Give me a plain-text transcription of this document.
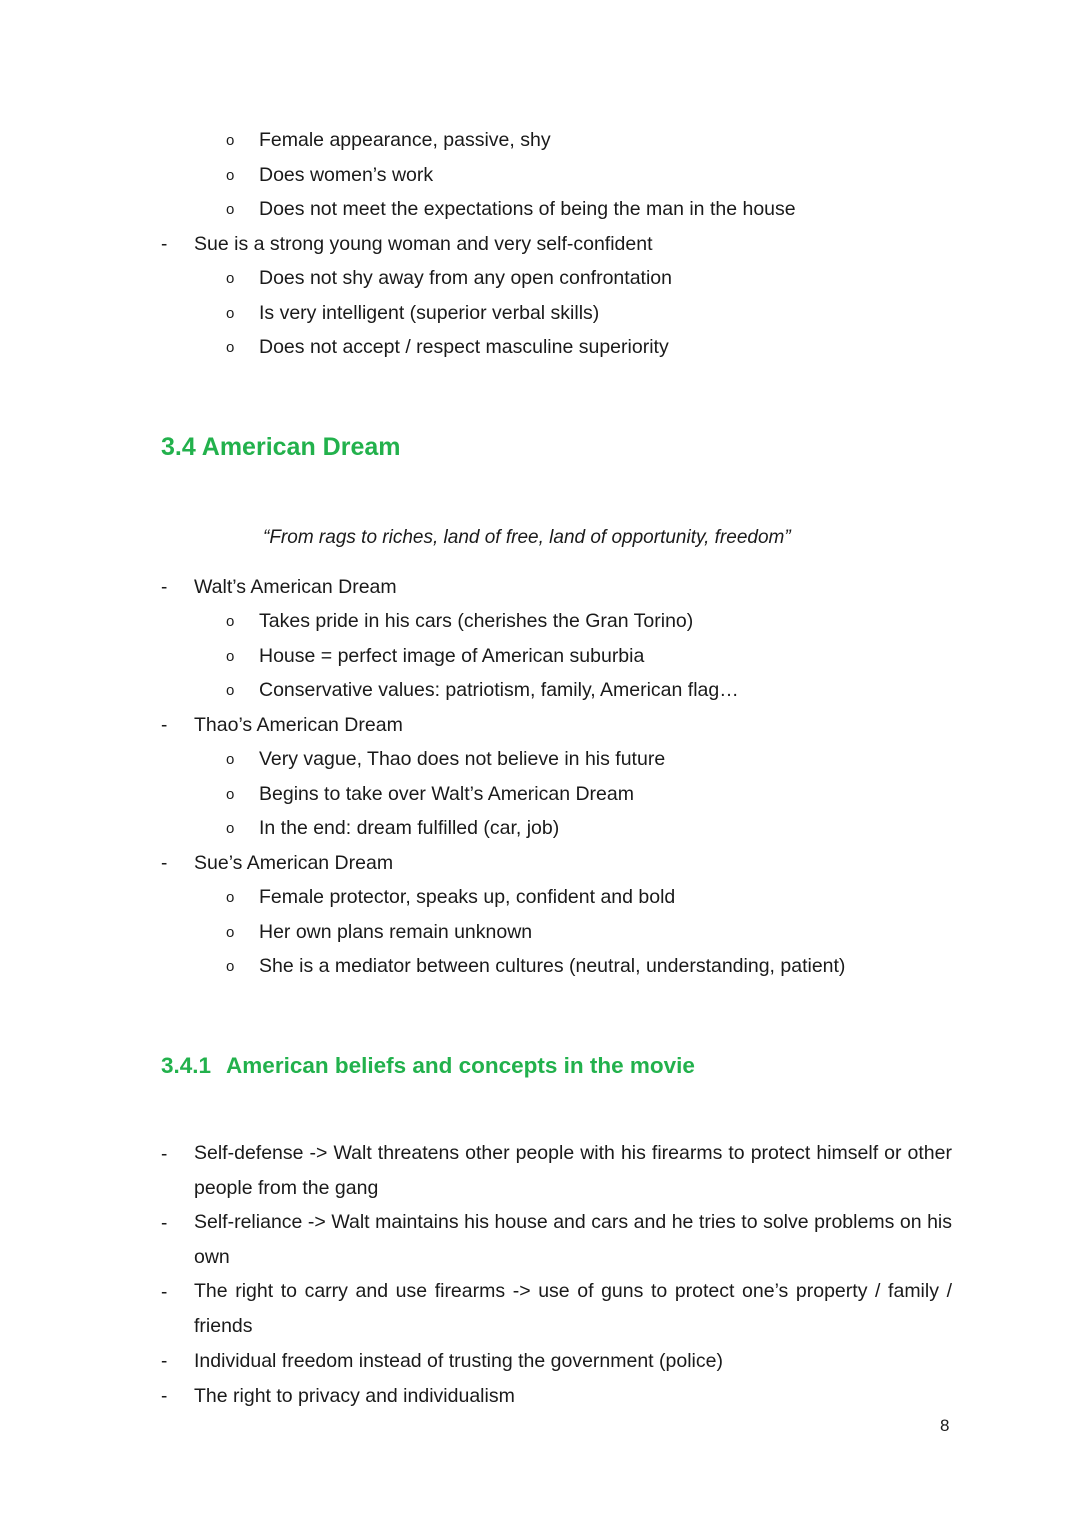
o Female appearance, passive, shy
o Does women’s work
o Does not meet the expectations of being the man in the house
- Sue is a strong young woman and very self-confident
o Does not shy away from any open confrontation
o Is very intelligent (superior verbal skills)
o Does not accept / respect masculine superiority
3.4 American Dream
“From rags to riches, land of free, land of opportunity, freedom”
- Walt’s American Dream
o Takes pride in his cars (cherishes the Gran Torino)
o House = perfect image of American suburbia
o Conservative values: patriotism, family, American flag…
- Thao’s American Dream
o Very vague, Thao does not believe in his future
o Begins to take over Walt’s American Dream
o In the end: dream fulfilled (car, job)
- Sue’s American Dream
o Female protector, speaks up, confident and bold
o Her own plans remain unknown
o She is a mediator between cultures (neutral, understanding, patient)
3.4.1 American beliefs and concepts in the movie
- Self-defense -> Walt threatens other people with his firearms to protect himself or other people from the gang
- Self-reliance -> Walt maintains his house and cars and he tries to solve problems on his own
- The right to carry and use firearms -> use of guns to protect one’s property / family / friends
- Individual freedom instead of trusting the government (police)
- The right to privacy and individualism
8
